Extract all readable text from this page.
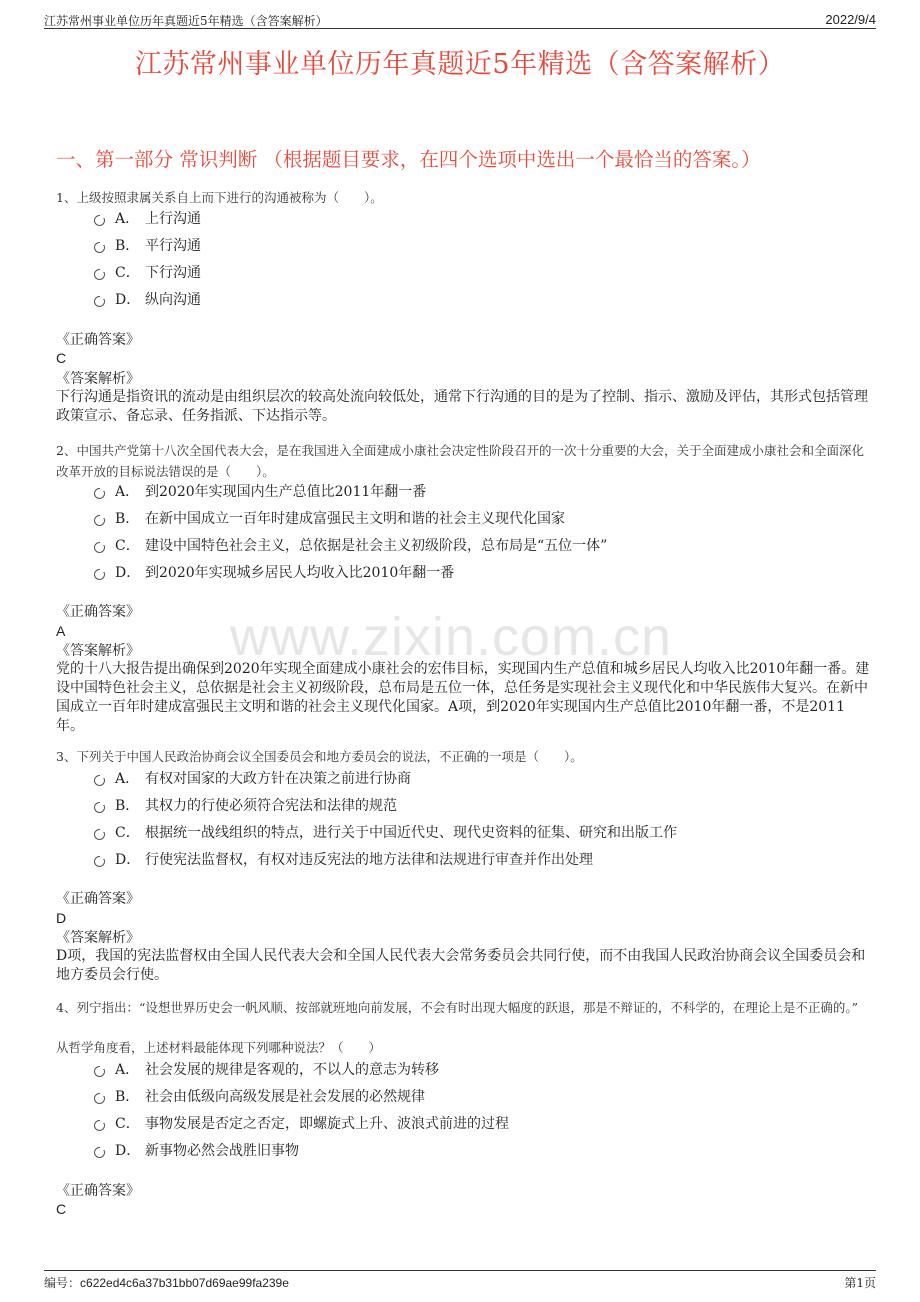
江苏常州事业单位历年真题近5年精选（含答案解析）	2022/9/4
江苏常州事业单位历年真题近5年精选（含答案解析）
一、第一部分 常识判断 （根据题目要求，在四个选项中选出一个最恰当的答案。）
www.zixin.com.cn
1、上级按照隶属关系自上而下进行的沟通被称为（　　）。
A． 上行沟通
B． 平行沟通
C． 下行沟通
D． 纵向沟通
《正确答案》
C
《答案解析》
下行沟通是指资讯的流动是由组织层次的较高处流向较低处，通常下行沟通的目的是为了控制、指示、激励及评估，其形式包括管理政策宣示、备忘录、任务指派、下达指示等。
2、中国共产党第十八次全国代表大会，是在我国进入全面建成小康社会决定性阶段召开的一次十分重要的大会，关于全面建成小康社会和全面深化改革开放的目标说法错误的是（　　）。
A． 到2020年实现国内生产总值比2011年翻一番
B． 在新中国成立一百年时建成富强民主文明和谐的社会主义现代化国家
C． 建设中国特色社会主义，总依据是社会主义初级阶段，总布局是“五位一体”
D． 到2020年实现城乡居民人均收入比2010年翻一番
《正确答案》
A
《答案解析》
党的十八大报告提出确保到2020年实现全面建成小康社会的宏伟目标，实现国内生产总值和城乡居民人均收入比2010年翻一番。建设中国特色社会主义，总依据是社会主义初级阶段，总布局是五位一体，总任务是实现社会主义现代化和中华民族伟大复兴。在新中国成立一百年时建成富强民主文明和谐的社会主义现代化国家。A项，到2020年实现国内生产总值比2010年翻一番，不是2011年。
3、下列关于中国人民政治协商会议全国委员会和地方委员会的说法，不正确的一项是（　　）。
A． 有权对国家的大政方针在决策之前进行协商
B． 其权力的行使必须符合宪法和法律的规范
C． 根据统一战线组织的特点，进行关于中国近代史、现代史资料的征集、研究和出版工作
D． 行使宪法监督权，有权对违反宪法的地方法律和法规进行审查并作出处理
《正确答案》
D
《答案解析》
D项，我国的宪法监督权由全国人民代表大会和全国人民代表大会常务委员会共同行使，而不由我国人民政治协商会议全国委员会和地方委员会行使。
4、列宁指出：“设想世界历史会一帆风顺、按部就班地向前发展，不会有时出现大幅度的跃退，那是不辩证的，不科学的，在理论上是不正确的。”
从哲学角度看，上述材料最能体现下列哪种说法？（　　）
A． 社会发展的规律是客观的，不以人的意志为转移
B． 社会由低级向高级发展是社会发展的必然规律
C． 事物发展是否定之否定，即螺旋式上升、波浪式前进的过程
D． 新事物必然会战胜旧事物
《正确答案》
C
编号：c622ed4c6a37b31bb07d69ae99fa239e	第1页
